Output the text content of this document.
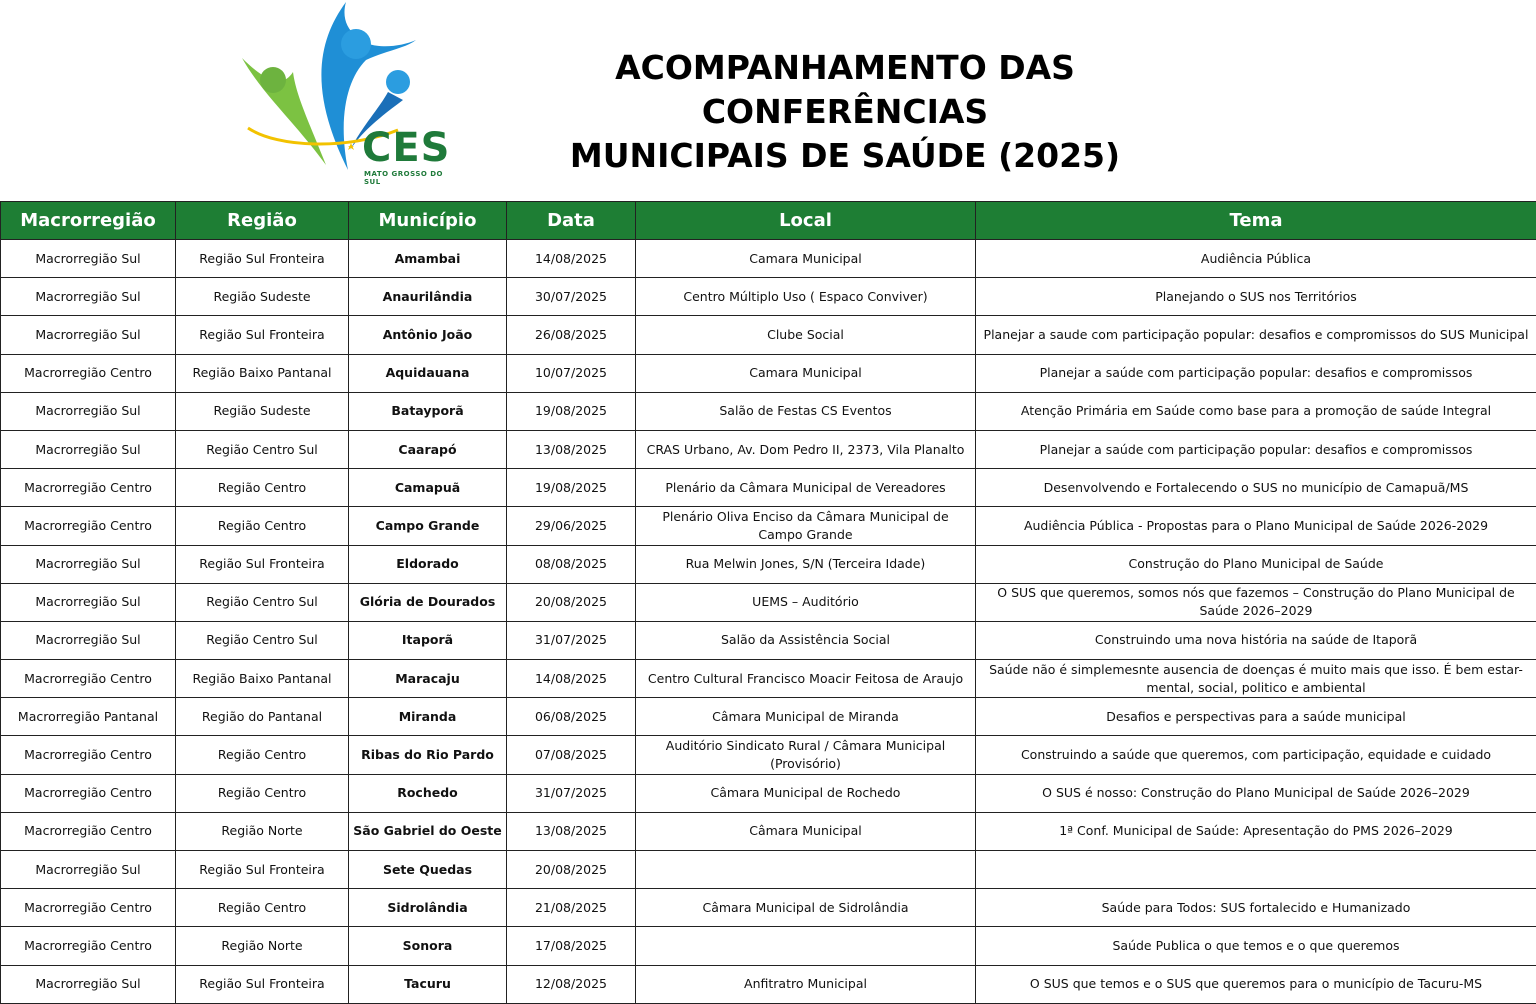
CES
MATO GROSSO DO SUL
ACOMPANHAMENTO DAS CONFERÊNCIAS
MUNICIPAIS DE SAÚDE (2025)
Macrorregião	Região	Município	Data	Local	Tema
Macrorregião Sul	Região Sul Fronteira	Amambai	14/08/2025	Camara Municipal	Audiência Pública
Macrorregião Sul	Região Sudeste	Anaurilândia	30/07/2025	Centro Múltiplo Uso ( Espaco Conviver)	Planejando o SUS nos Territórios
Macrorregião Sul	Região Sul Fronteira	Antônio João	26/08/2025	Clube Social	Planejar a saude com participação popular: desafios e compromissos do SUS Municipal
Macrorregião Centro	Região Baixo Pantanal	Aquidauana	10/07/2025	Camara Municipal	Planejar a saúde com participação popular: desafios e compromissos
Macrorregião Sul	Região Sudeste	Batayporã	19/08/2025	Salão de Festas CS Eventos	Atenção Primária em Saúde como base para a promoção de saúde Integral
Macrorregião Sul	Região Centro Sul	Caarapó	13/08/2025	CRAS Urbano, Av. Dom Pedro II, 2373, Vila Planalto	Planejar a saúde com participação popular: desafios e compromissos
Macrorregião Centro	Região Centro	Camapuã	19/08/2025	Plenário da Câmara Municipal de Vereadores	Desenvolvendo e Fortalecendo o SUS no município de Camapuã/MS
Macrorregião Centro	Região Centro	Campo Grande	29/06/2025	Plenário Oliva Enciso da Câmara Municipal de Campo Grande	Audiência Pública - Propostas para o Plano Municipal de Saúde 2026-2029
Macrorregião Sul	Região Sul Fronteira	Eldorado	08/08/2025	Rua Melwin Jones, S/N (Terceira Idade)	Construção do Plano Municipal de Saúde
Macrorregião Sul	Região Centro Sul	Glória de Dourados	20/08/2025	UEMS – Auditório	O SUS que queremos, somos nós que fazemos – Construção do Plano Municipal de Saúde 2026–2029
Macrorregião Sul	Região Centro Sul	Itaporã	31/07/2025	Salão da Assistência Social	Construindo uma nova história na saúde de Itaporã
Macrorregião Centro	Região Baixo Pantanal	Maracaju	14/08/2025	Centro Cultural Francisco Moacir Feitosa de Araujo	Saúde não é simplemesnte ausencia de doenças é muito mais que isso. É bem estar-mental, social, politico e ambiental
Macrorregião Pantanal	Região do Pantanal	Miranda	06/08/2025	Câmara Municipal de Miranda	Desafios e perspectivas para a saúde municipal
Macrorregião Centro	Região Centro	Ribas do Rio Pardo	07/08/2025	Auditório Sindicato Rural / Câmara Municipal (Provisório)	Construindo a saúde que queremos, com participação, equidade e cuidado
Macrorregião Centro	Região Centro	Rochedo	31/07/2025	Câmara Municipal de Rochedo	O SUS é nosso: Construção do Plano Municipal de Saúde 2026–2029
Macrorregião Centro	Região Norte	São Gabriel do Oeste	13/08/2025	Câmara Municipal	1ª Conf. Municipal de Saúde: Apresentação do PMS 2026–2029
Macrorregião Sul	Região Sul Fronteira	Sete Quedas	20/08/2025		
Macrorregião Centro	Região Centro	Sidrolândia	21/08/2025	Câmara Municipal de Sidrolândia	Saúde para Todos: SUS fortalecido e Humanizado
Macrorregião Centro	Região Norte	Sonora	17/08/2025		Saúde Publica o que temos e o que queremos
Macrorregião Sul	Região Sul Fronteira	Tacuru	12/08/2025	Anfitratro Municipal	O SUS que temos e o SUS que queremos para o município de Tacuru-MS
